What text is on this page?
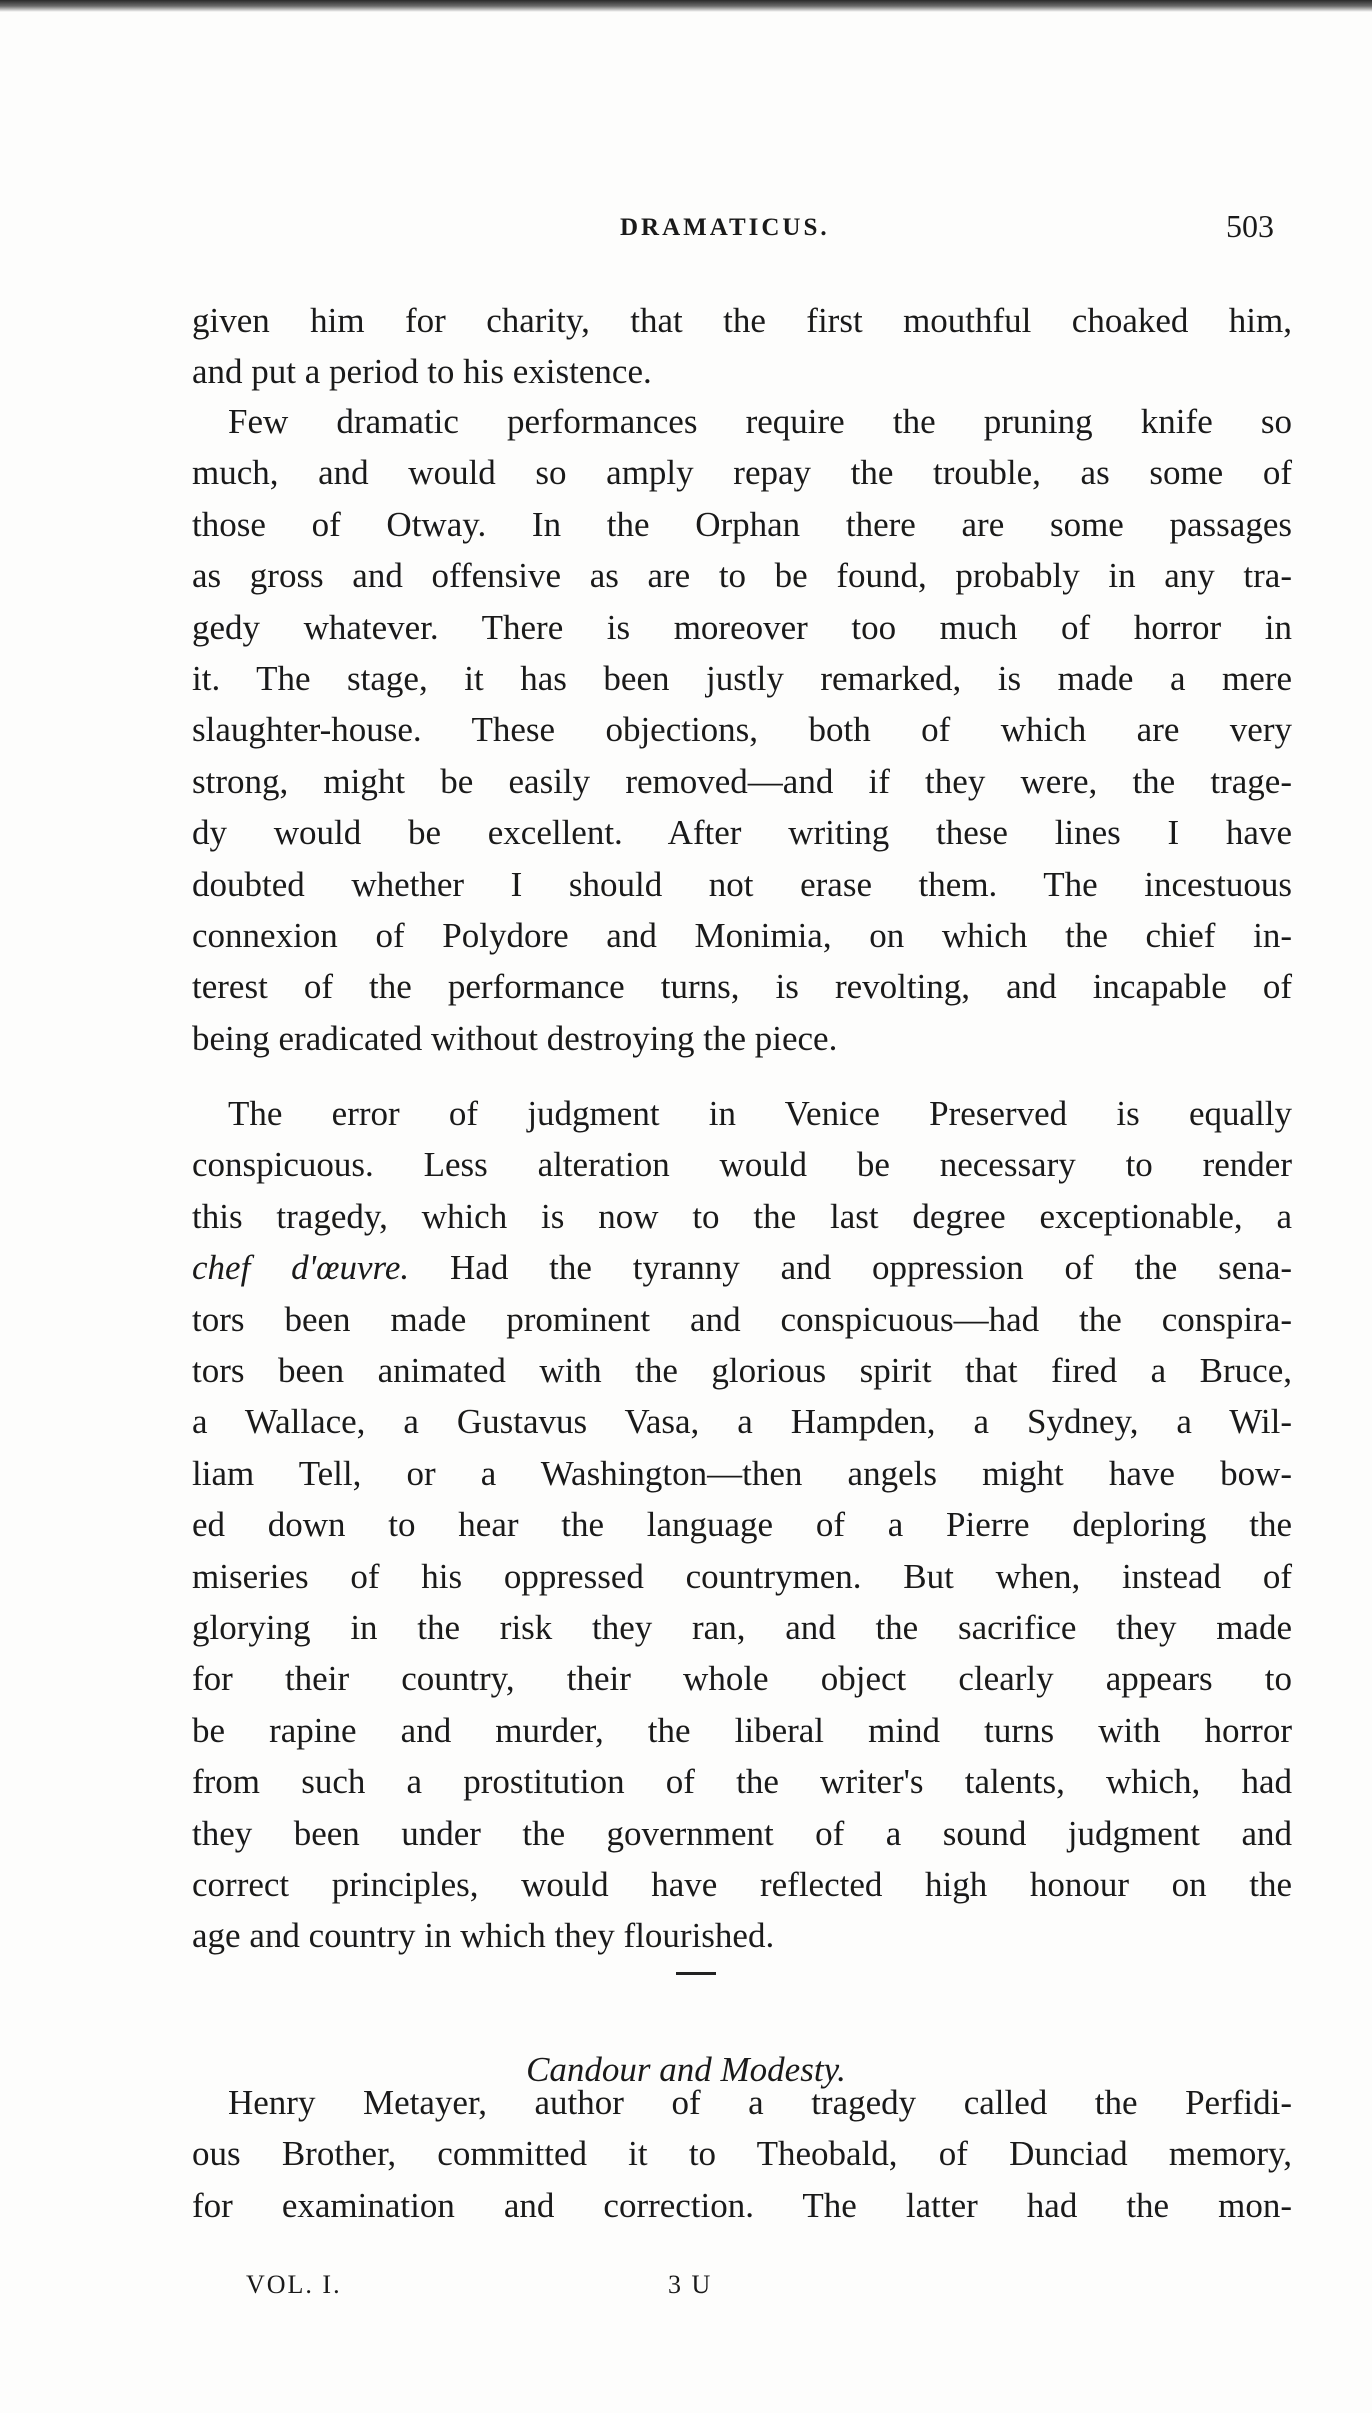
DRAMATICUS.	503
given him for charity, that the first mouthful choaked him,
and put a period to his existence.
Few dramatic performances require the pruning knife so
much, and would so amply repay the trouble, as some of
those of Otway. In the Orphan there are some passages
as gross and offensive as are to be found, probably in any tra-
gedy whatever. There is moreover too much of horror in
it. The stage, it has been justly remarked, is made a mere
slaughter-house. These objections, both of which are very
strong, might be easily removed—and if they were, the trage-
dy would be excellent. After writing these lines I have
doubted whether I should not erase them. The incestuous
connexion of Polydore and Monimia, on which the chief in-
terest of the performance turns, is revolting, and incapable of
being eradicated without destroying the piece.
The error of judgment in Venice Preserved is equally
conspicuous. Less alteration would be necessary to render
this tragedy, which is now to the last degree exceptionable, a
chef d'œuvre. Had the tyranny and oppression of the sena-
tors been made prominent and conspicuous—had the conspira-
tors been animated with the glorious spirit that fired a Bruce,
a Wallace, a Gustavus Vasa, a Hampden, a Sydney, a Wil-
liam Tell, or a Washington—then angels might have bow-
ed down to hear the language of a Pierre deploring the
miseries of his oppressed countrymen. But when, instead of
glorying in the risk they ran, and the sacrifice they made
for their country, their whole object clearly appears to
be rapine and murder, the liberal mind turns with horror
from such a prostitution of the writer's talents, which, had
they been under the government of a sound judgment and
correct principles, would have reflected high honour on the
age and country in which they flourished.
Henry Metayer, author of a tragedy called the Perfidi-
ous Brother, committed it to Theobald, of Dunciad memory,
for examination and correction. The latter had the mon-
Candour and Modesty.
VOL. I.	3 U
